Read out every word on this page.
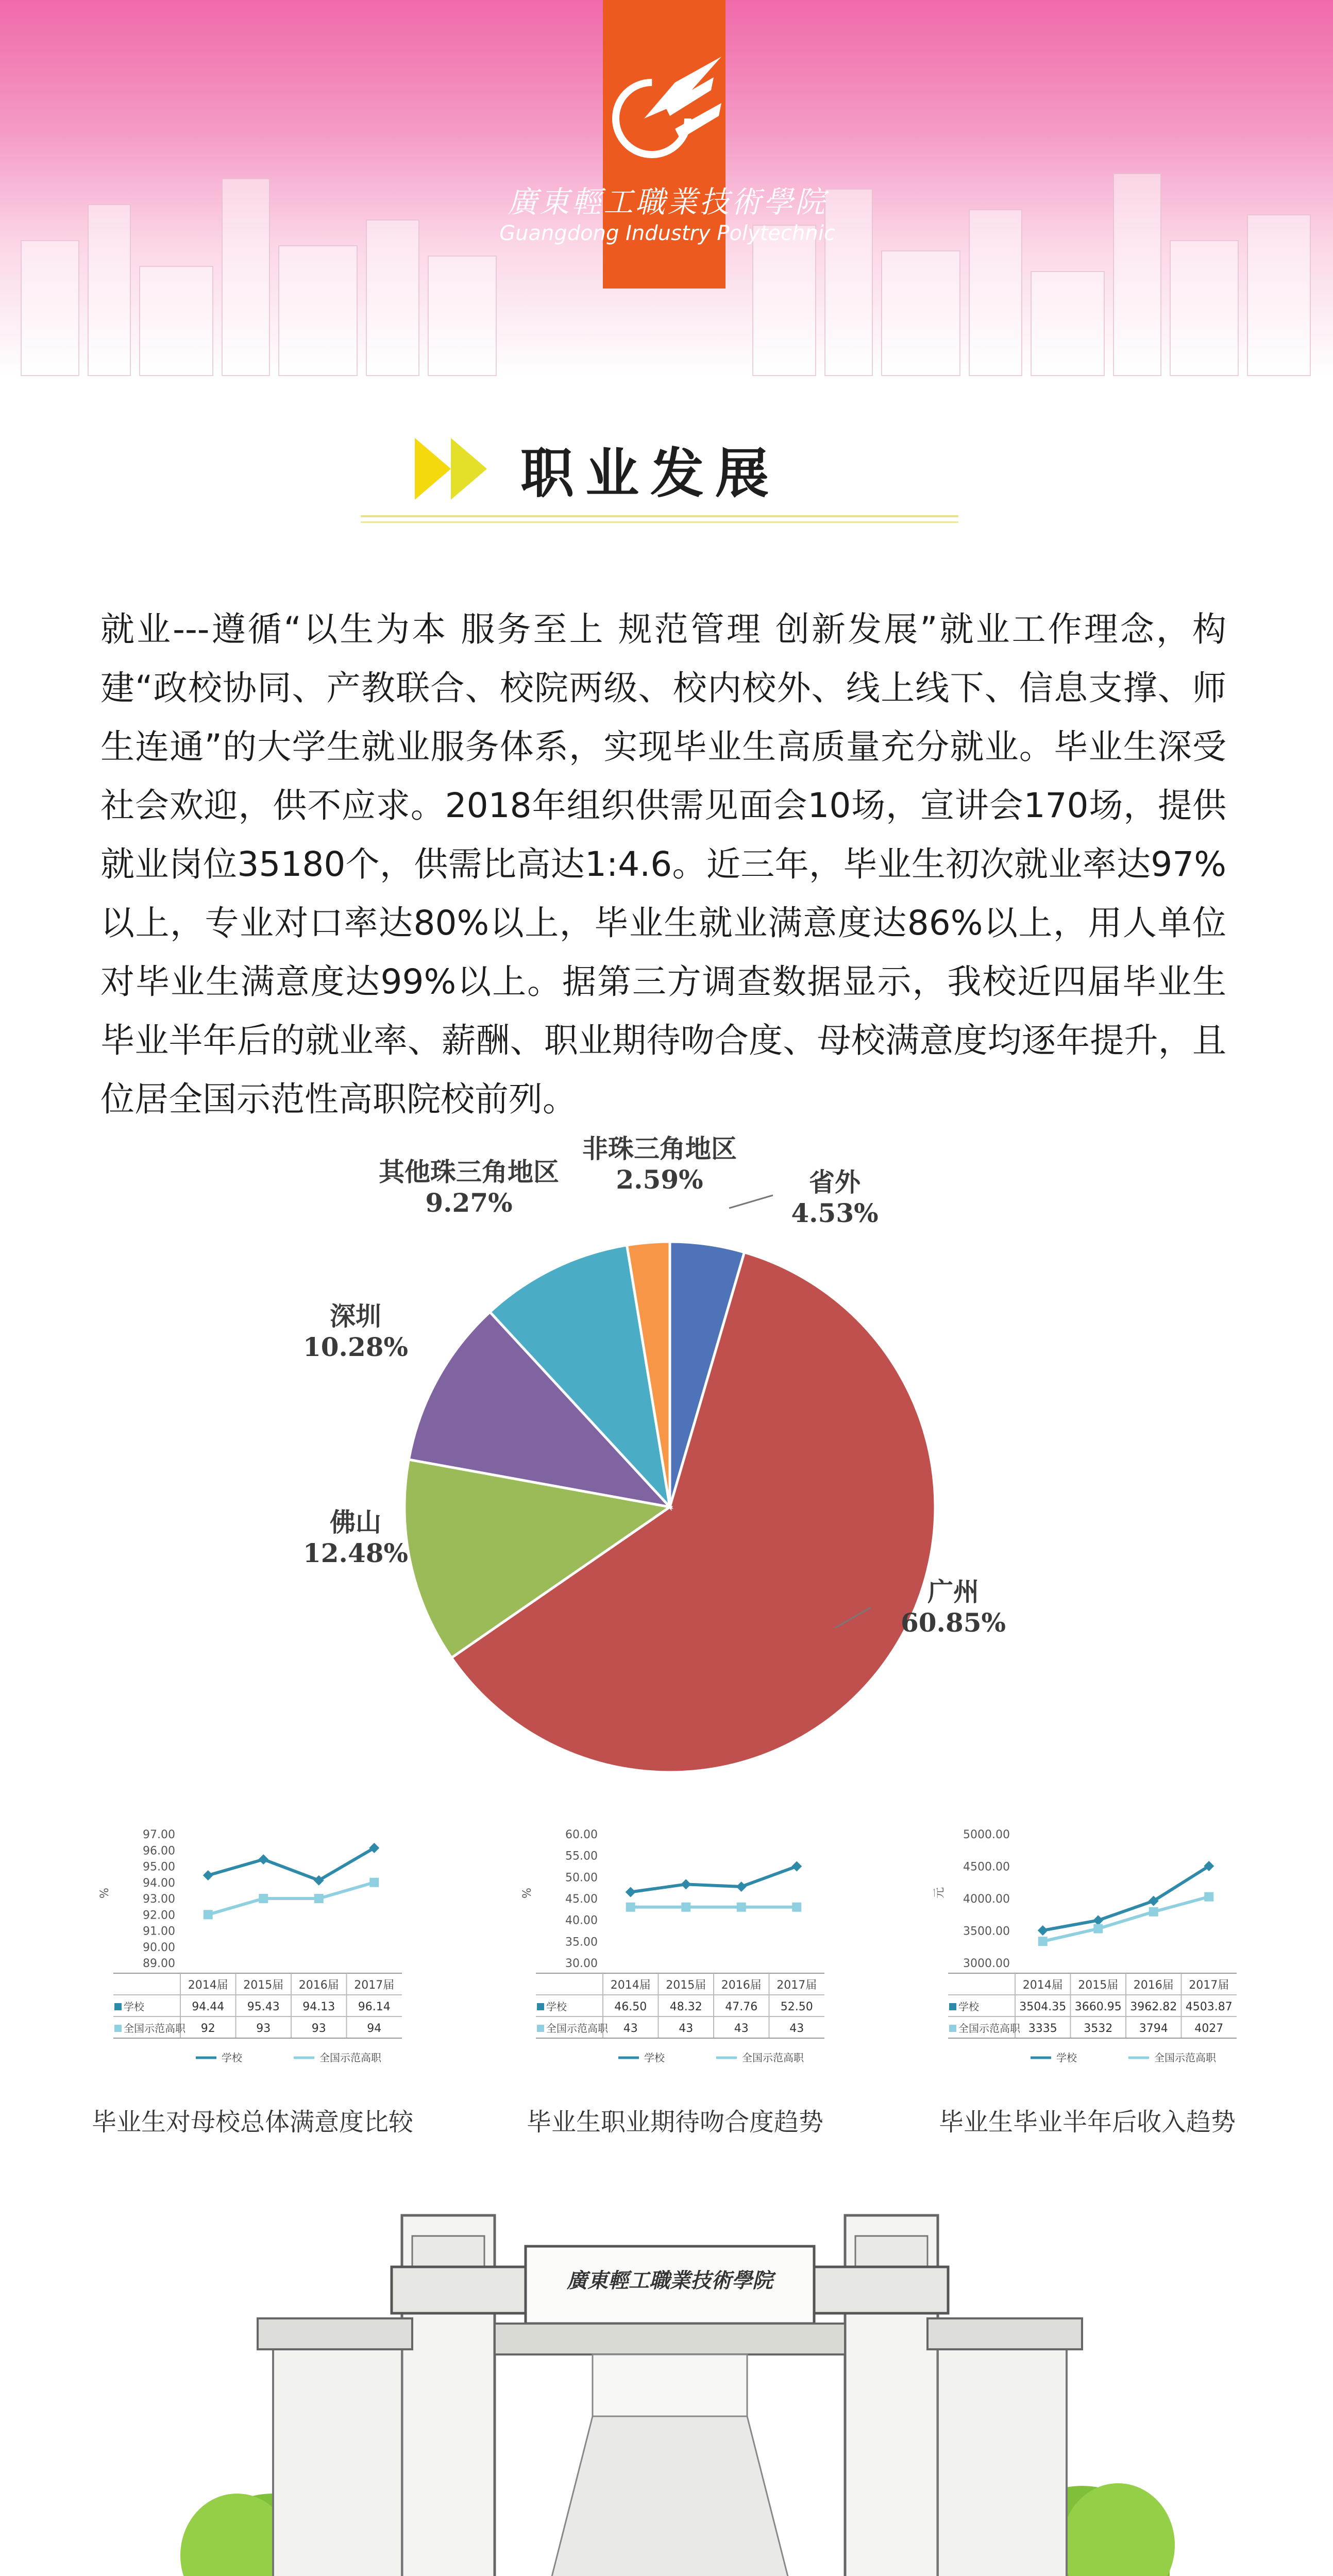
廣東輕工職業技術學院
Guangdong Industry Polytechnic
职业发展
就业---遵循“以生为本 服务至上 规范管理 创新发展”就业工作理念，构建“政校协同、产教联合、校院两级、校内校外、线上线下、信息支撑、师生连通”的大学生就业服务体系，实现毕业生高质量充分就业。毕业生深受社会欢迎，供不应求。2018年组织供需见面会10场，宣讲会170场，提供就业岗位35180个，供需比高达1:4.6。近三年，毕业生初次就业率达97%以上，专业对口率达80%以上，毕业生就业满意度达86%以上，用人单位对毕业生满意度达99%以上。据第三方调查数据显示，我校近四届毕业生毕业半年后的就业率、薪酬、职业期待吻合度、母校满意度均逐年提升，且位居全国示范性高职院校前列。
省外
4.53%
广州
60.85%
佛山
12.48%
深圳
10.28%
其他珠三角地区
9.27%
非珠三角地区
2.59%
97.00
96.00
95.00
94.00
93.00
92.00
91.00
90.00
89.00
%
2014届 2015届 2016届 2017届
学校	94.44 95.43 94.13 96.14
全国示范高职 92	93	93	94
学校	全国示范高职
毕业生对母校总体满意度比较
60.00
55.00
50.00
45.00
40.00
35.00
30.00
%
2014届 2015届 2016届 2017届
学校	46.50 48.32 47.76 52.50
全国示范高职 43	43	43	43
学校	全国示范高职
毕业生职业期待吻合度趋势
5000.00
4500.00
4000.00
3500.00
3000.00
元
2014届 2015届 2016届 2017届
学校	3504.35 3660.95 3962.82 4503.87
全国示范高职 3335 3532 3794 4027
学校	全国示范高职
毕业生毕业半年后收入趋势
廣東輕工職業技術學院
